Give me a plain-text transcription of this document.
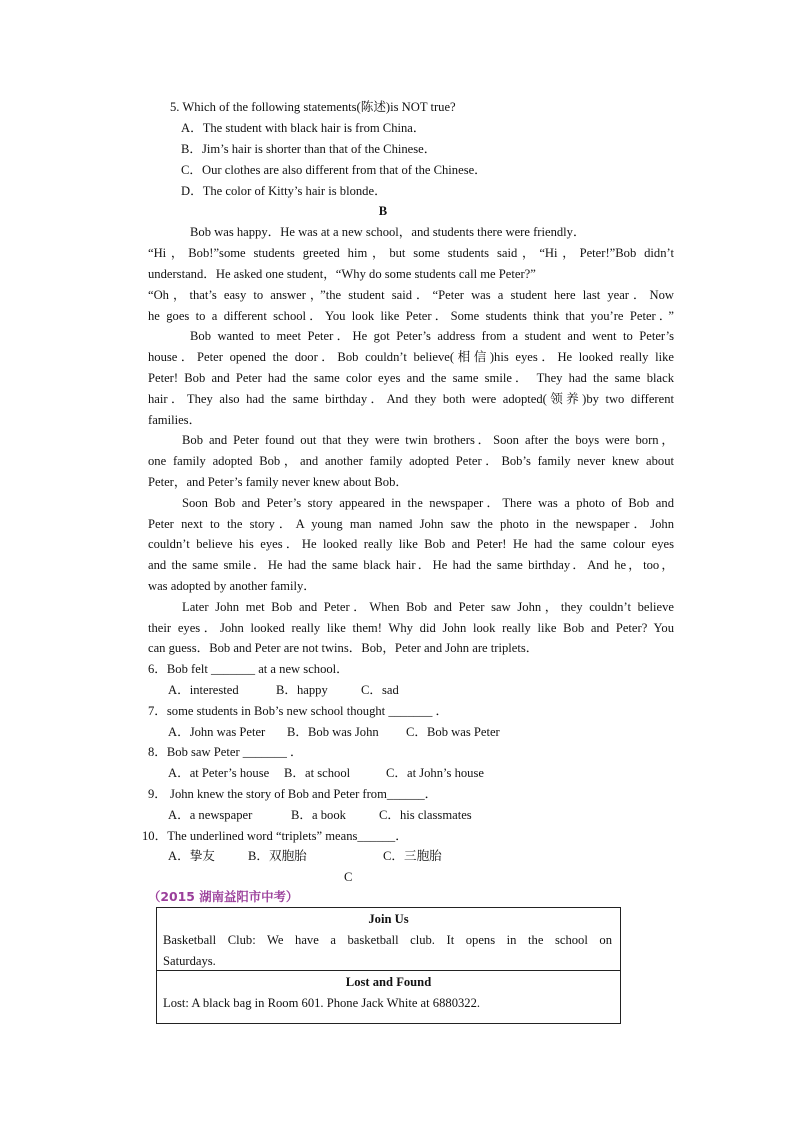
5. Which of the following statements(陈述)is NOT true?
A．The student with black hair is from China．
B．Jim’s hair is shorter than that of the Chinese．
C．Our clothes are also different from that of the Chinese．
D．The color of Kitty’s hair is blonde．
B
Bob was happy．He was at a new school，and students there were friendly．
“Hi，Bob!”some students greeted him，but some students said，“Hi，Peter!”Bob didn’t
understand．He asked one student，“Why do some students call me Peter?”
“Oh，that’s easy to answer，”the student said．“Peter was a student here last year．Now
he goes to a different school．You look like Peter．Some students think that you’re Peter．”
Bob wanted to meet Peter．He got Peter’s address from a student and went to Peter’s
house．Peter opened the door．Bob couldn’t believe(相信)his eyes．He looked really like
Peter! Bob and Peter had the same color eyes and the same smile． They had the same black
hair．They also had the same birthday．And they both were adopted(领养)by two different
families．
Bob and Peter found out that they were twin brothers．Soon after the boys were born，
one family adopted Bob，and another family adopted Peter．Bob’s family never knew about
Peter，and Peter’s family never knew about Bob．
Soon Bob and Peter’s story appeared in the newspaper．There was a photo of Bob and
Peter next to the story．A young man named John saw the photo in the newspaper．John
couldn’t believe his eyes．He looked really like Bob and Peter! He had the same colour eyes
and the same smile．He had the same black hair．He had the same birthday．And he，too，
was adopted by another family．
Later John met Bob and Peter．When Bob and Peter saw John，they couldn’t believe
their eyes．John looked really like them! Why did John look really like Bob and Peter? You
can guess．Bob and Peter are not twins．Bob，Peter and John are triplets．
6．Bob felt _______ at a new school．
A．interested	B．happy	C．sad
7．some students in Bob’s new school thought _______ ．
A．John was Peter B．Bob was John C．Bob was Peter
8．Bob saw Peter _______ ．
A．at Peter’s house B．at school	C．at John’s house
9． John knew the story of Bob and Peter from______．
A．a newspaper	B．a book	C．his classmates
10．The underlined word “triplets” means______．
A．挚友	B．双胞胎	C．三胞胎
C
（2015 湖南益阳市中考）
Join Us
Basketball Club: We have a basketball club. It opens in the school on
Saturdays.
Lost and Found
Lost: A black bag in Room 601. Phone Jack White at 6880322.
